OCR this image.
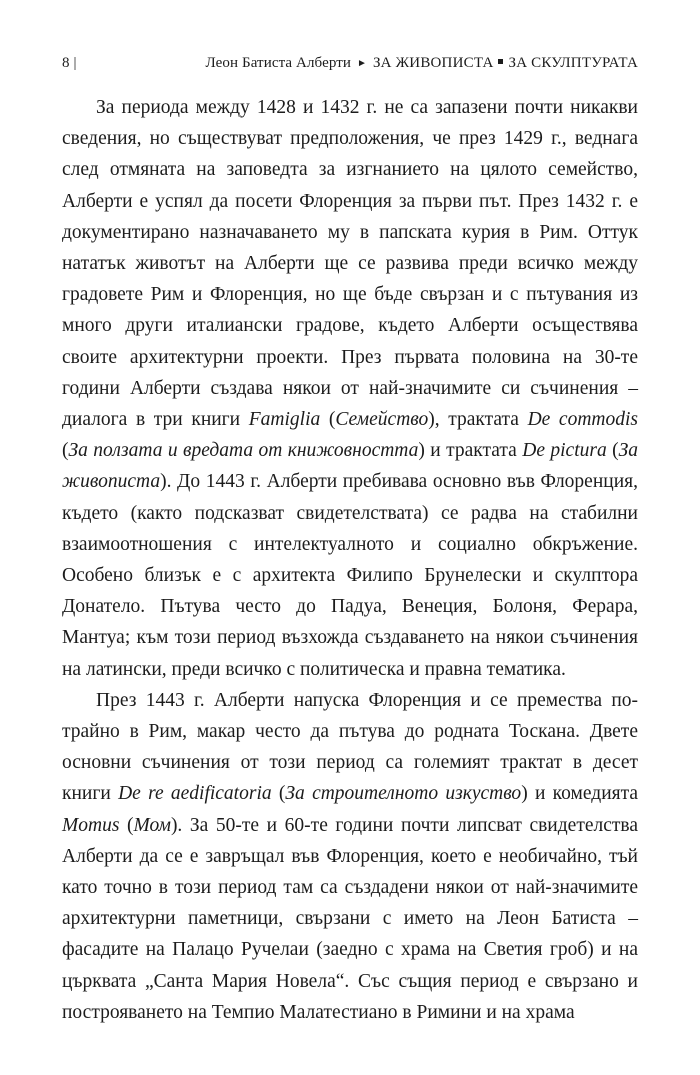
8 |	Леон Батиста Алберти ► ЗА ЖИВОПИСТА ЗА СКУЛПТУРАТА

За периода между 1428 и 1432 г. не са запазени почти никакви сведения, но съществуват предположения, че през 1429 г., веднага след отмяната на заповедта за изгнанието на цялото семейство, Алберти е успял да посети Флоренция за първи път. През 1432 г. е документирано назначаването му в папската курия в Рим. Оттук нататък животът на Алберти ще се развива преди всичко между градовете Рим и Флоренция, но ще бъде свързан и с пътувания из много други италиански градове, където Алберти осъществява своите архитектурни проекти. През първата половина на 30-те години Алберти създава някои от най-значимите си съчинения – диалога в три книги Famiglia (Семейство), трактата De commodis (За ползата и вредата от книжовността) и трактата De pictura (За живописта). До 1443 г. Алберти пребивава основно във Флоренция, където (както подсказват свидетелствата) се радва на стабилни взаимоотношения с интелектуалното и социално обкръжение. Особено близък е с архитекта Филипо Брунелески и скулптора Донатело. Пътува често до Падуа, Венеция, Болоня, Ферара, Мантуа; към този период възхожда създаването на някои съчинения на латински, преди всичко с политическа и правна тематика.

През 1443 г. Алберти напуска Флоренция и се премества по-трайно в Рим, макар често да пътува до родната Тоскана. Двете основни съчинения от този период са големият трактат в десет книги De re aedificatoria (За строителното изкуство) и комедията Momus (Мом). За 50-те и 60-те години почти липсват свидетелства Алберти да се е завръщал във Флоренция, което е необичайно, тъй като точно в този период там са създадени някои от най-значимите архитектурни паметници, свързани с името на Леон Батиста – фасадите на Палацо Ручелаи (заедно с храма на Светия гроб) и на църквата „Санта Мария Новела“. Със същия период е свързано и построяването на Темпио Малатестиано в Римини и на храма
